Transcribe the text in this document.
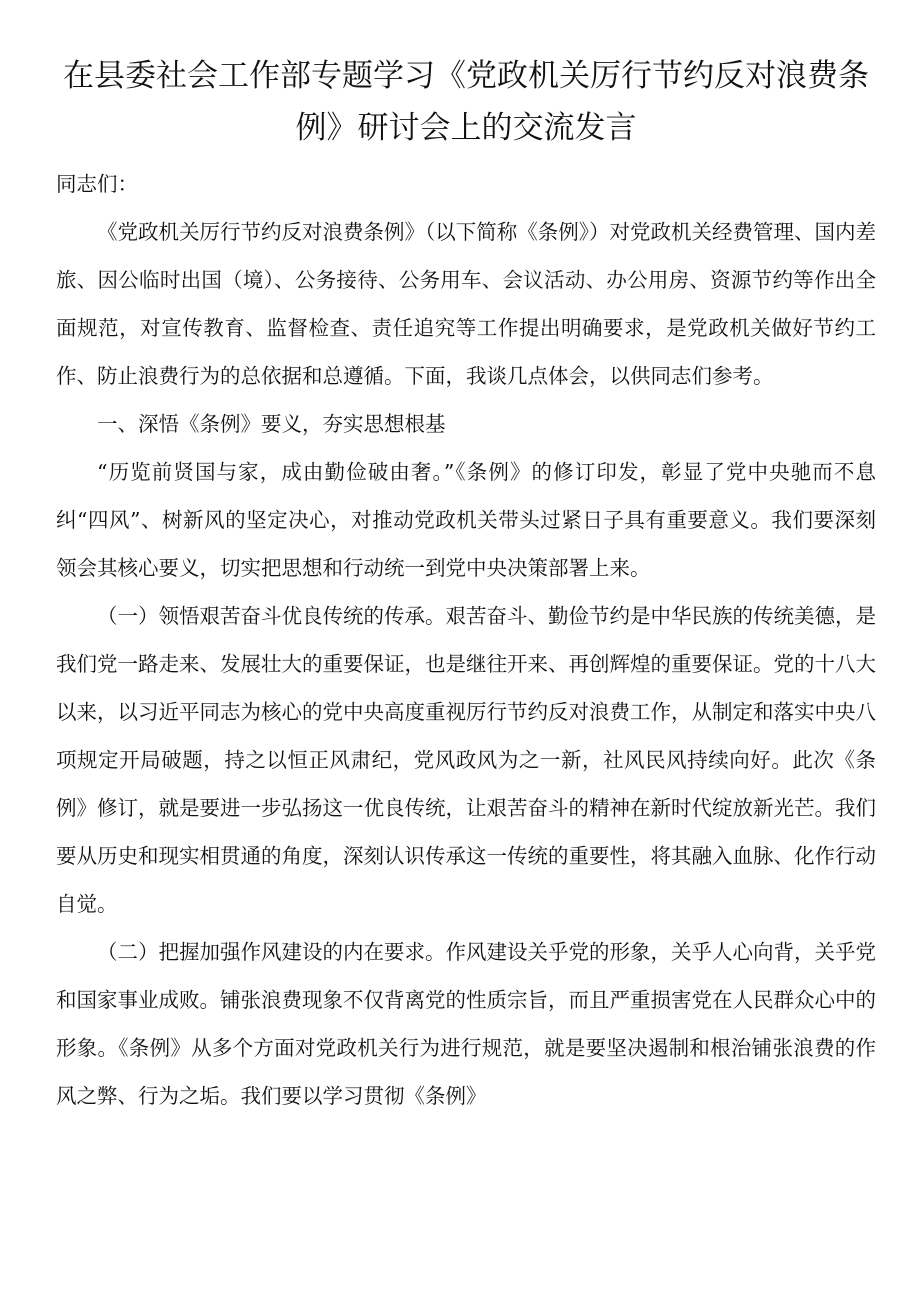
在县委社会工作部专题学习《党政机关厉行节约反对浪费条例》研讨会上的交流发言

同志们：

《党政机关厉行节约反对浪费条例》（以下简称《条例》）对党政机关经费管理、国内差旅、因公临时出国（境）、公务接待、公务用车、会议活动、办公用房、资源节约等作出全面规范，对宣传教育、监督检查、责任追究等工作提出明确要求，是党政机关做好节约工作、防止浪费行为的总依据和总遵循。下面，我谈几点体会，以供同志们参考。

一、深悟《条例》要义，夯实思想根基

“历览前贤国与家，成由勤俭破由奢。”《条例》的修订印发，彰显了党中央驰而不息纠“四风”、树新风的坚定决心，对推动党政机关带头过紧日子具有重要意义。我们要深刻领会其核心要义，切实把思想和行动统一到党中央决策部署上来。

（一）领悟艰苦奋斗优良传统的传承。艰苦奋斗、勤俭节约是中华民族的传统美德，是我们党一路走来、发展壮大的重要保证，也是继往开来、再创辉煌的重要保证。党的十八大以来，以习近平同志为核心的党中央高度重视厉行节约反对浪费工作，从制定和落实中央八项规定开局破题，持之以恒正风肃纪，党风政风为之一新，社风民风持续向好。此次《条例》修订，就是要进一步弘扬这一优良传统，让艰苦奋斗的精神在新时代绽放新光芒。我们要从历史和现实相贯通的角度，深刻认识传承这一传统的重要性，将其融入血脉、化作行动自觉。

（二）把握加强作风建设的内在要求。作风建设关乎党的形象，关乎人心向背，关乎党和国家事业成败。铺张浪费现象不仅背离党的性质宗旨，而且严重损害党在人民群众心中的形象。《条例》从多个方面对党政机关行为进行规范，就是要坚决遏制和根治铺张浪费的作风之弊、行为之垢。我们要以学习贯彻《条例》
